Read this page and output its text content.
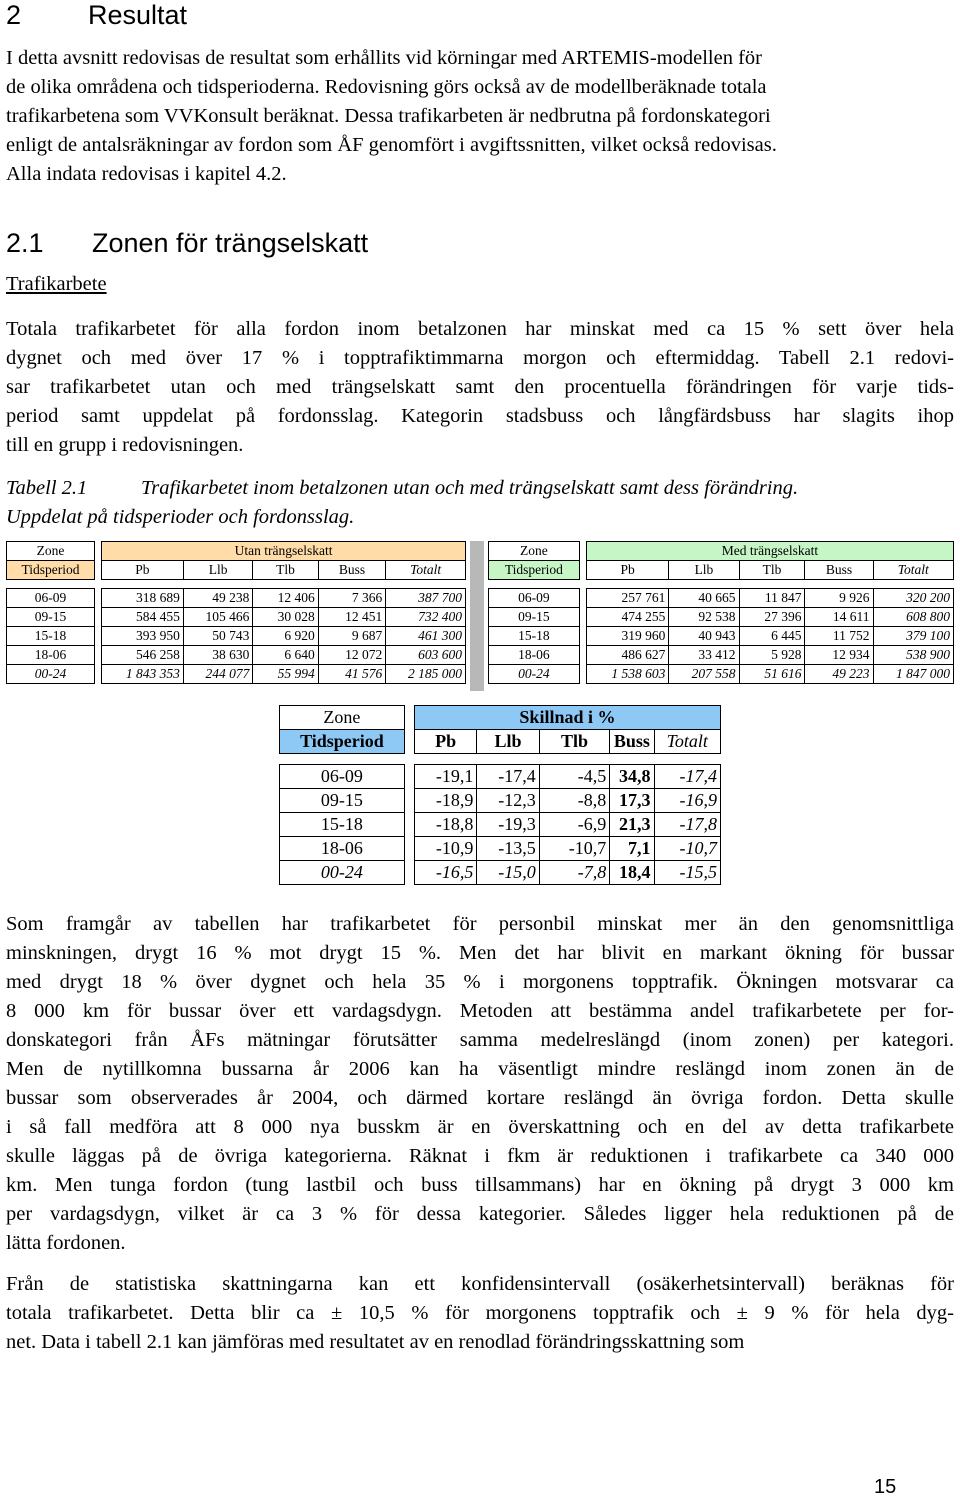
2 Resultat
I detta avsnitt redovisas de resultat som erhållits vid körningar med ARTEMIS-modellen för
de olika områdena och tidsperioderna. Redovisning görs också av de modellberäknade totala
trafikarbetena som VVKonsult beräknat. Dessa trafikarbeten är nedbrutna på fordonskategori
enligt de antalsräkningar av fordon som ÅF genomfört i avgiftssnitten, vilket också redovisas.
Alla indata redovisas i kapitel 4.2.
2.1 Zonen för trängselskatt
Trafikarbete
Totala trafikarbetet för alla fordon inom betalzonen har minskat med ca 15 % sett över hela
dygnet och med över 17 % i topptrafiktimmarna morgon och eftermiddag. Tabell 2.1 redovi-
sar trafikarbetet utan och med trängselskatt samt den procentuella förändringen för varje tids-
period samt uppdelat på fordonsslag. Kategorin stadsbuss och långfärdsbuss har slagits ihop
till en grupp i redovisningen.
Tabell 2.1	Trafikarbetet inom betalzonen utan och med trängselskatt samt dess förändring.
Uppdelat på tidsperioder och fordonsslag.
Zone		Utan trängselskatt				
Tidsperiod		Pb	Llb	Tlb	Buss	Totalt

06-09		318 689	49 238	12 406	7 366	387 700
09-15		584 455	105 466	30 028	12 451	732 400
15-18		393 950	50 743	6 920	9 687	461 300
18-06		546 258	38 630	6 640	12 072	603 600
00-24		1 843 353	244 077	55 994	41 576	2 185 000
Zone		Med trängselskatt				
Tidsperiod		Pb	Llb	Tlb	Buss	Totalt

06-09		257 761	40 665	11 847	9 926	320 200
09-15		474 255	92 538	27 396	14 611	608 800
15-18		319 960	40 943	6 445	11 752	379 100
18-06		486 627	33 412	5 928	12 934	538 900
00-24		1 538 603	207 558	51 616	49 223	1 847 000
Zone		Skillnad i %				
Tidsperiod		Pb	Llb	Tlb	Buss	Totalt

06-09		-19,1	-17,4	-4,5	34,8	-17,4
09-15		-18,9	-12,3	-8,8	17,3	-16,9
15-18		-18,8	-19,3	-6,9	21,3	-17,8
18-06		-10,9	-13,5	-10,7	7,1	-10,7
00-24		-16,5	-15,0	-7,8	18,4	-15,5
Som framgår av tabellen har trafikarbetet för personbil minskat mer än den genomsnittliga
minskningen, drygt 16 % mot drygt 15 %. Men det har blivit en markant ökning för bussar
med drygt 18 % över dygnet och hela 35 % i morgonens topptrafik. Ökningen motsvarar ca
8 000 km för bussar över ett vardagsdygn. Metoden att bestämma andel trafikarbetete per for-
donskategori från ÅFs mätningar förutsätter samma medelreslängd (inom zonen) per kategori.
Men de nytillkomna bussarna år 2006 kan ha väsentligt mindre reslängd inom zonen än de
bussar som observerades år 2004, och därmed kortare reslängd än övriga fordon. Detta skulle
i så fall medföra att 8 000 nya busskm är en överskattning och en del av detta trafikarbete
skulle läggas på de övriga kategorierna. Räknat i fkm är reduktionen i trafikarbete ca 340 000
km. Men tunga fordon (tung lastbil och buss tillsammans) har en ökning på drygt 3 000 km
per vardagsdygn, vilket är ca 3 % för dessa kategorier. Således ligger hela reduktionen på de
lätta fordonen.
Från de statistiska skattningarna kan ett konfidensintervall (osäkerhetsintervall) beräknas för
totala trafikarbetet. Detta blir ca ± 10,5 % för morgonens topptrafik och ± 9 % för hela dyg-
net. Data i tabell 2.1 kan jämföras med resultatet av en renodlad förändringsskattning som
15
